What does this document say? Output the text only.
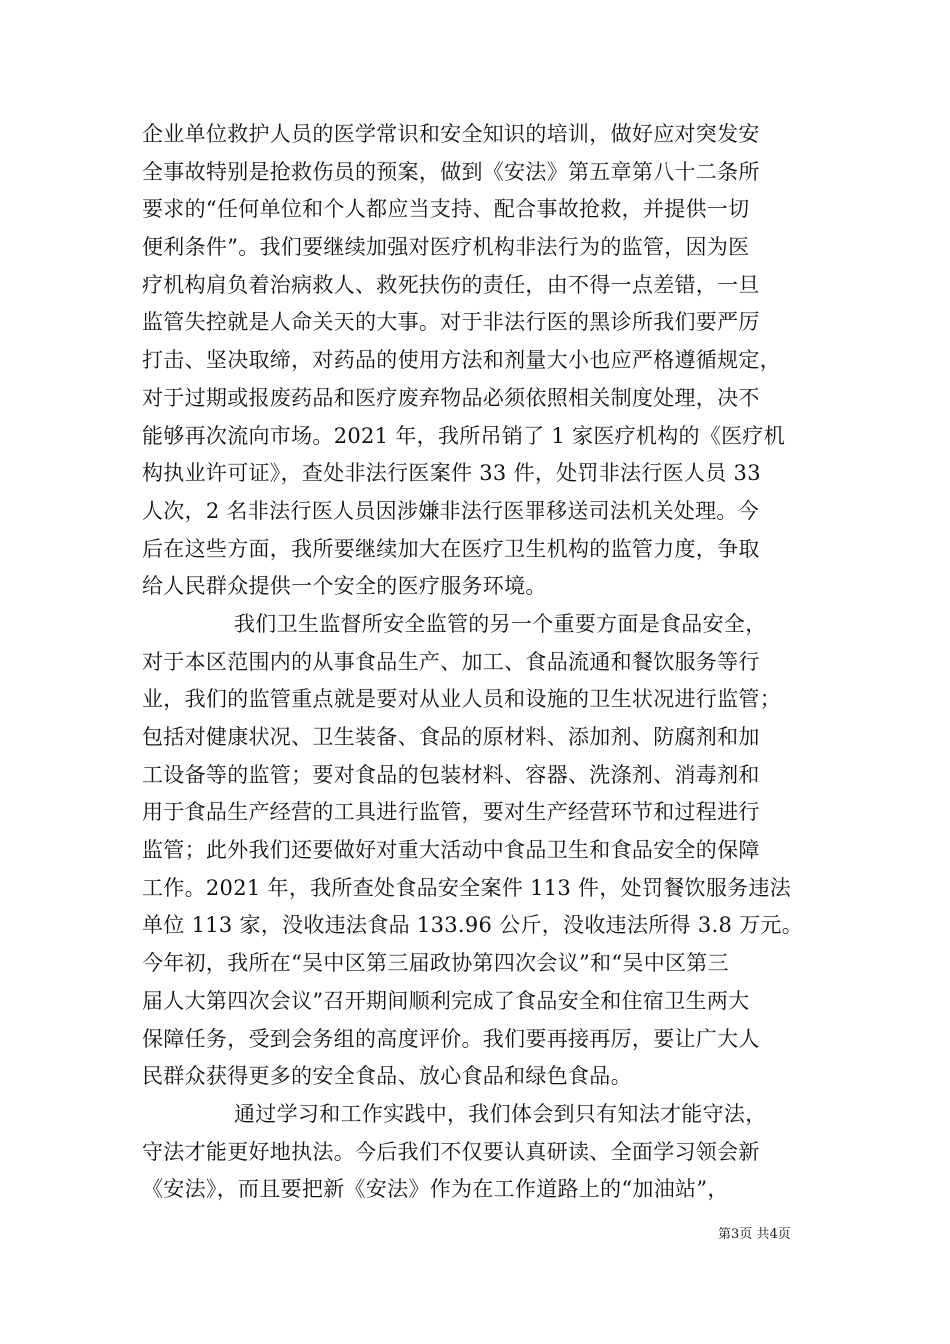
企业单位救护人员的医学常识和安全知识的培训，做好应对突发安
全事故特别是抢救伤员的预案，做到《安法》第五章第八十二条所
要求的“任何单位和个人都应当支持、配合事故抢救，并提供一切
便利条件”。我们要继续加强对医疗机构非法行为的监管，因为医
疗机构肩负着治病救人、救死扶伤的责任，由不得一点差错，一旦
监管失控就是人命关天的大事。对于非法行医的黑诊所我们要严厉
打击、坚决取缔，对药品的使用方法和剂量大小也应严格遵循规定，
对于过期或报废药品和医疗废弃物品必须依照相关制度处理，决不
能够再次流向市场。2021 年，我所吊销了 1 家医疗机构的《医疗机
构执业许可证》，查处非法行医案件 33 件，处罚非法行医人员 33
人次，2 名非法行医人员因涉嫌非法行医罪移送司法机关处理。今
后在这些方面，我所要继续加大在医疗卫生机构的监管力度，争取
给人民群众提供一个安全的医疗服务环境。
我们卫生监督所安全监管的另一个重要方面是食品安全，
对于本区范围内的从事食品生产、加工、食品流通和餐饮服务等行
业，我们的监管重点就是要对从业人员和设施的卫生状况进行监管；
包括对健康状况、卫生装备、食品的原材料、添加剂、防腐剂和加
工设备等的监管；要对食品的包装材料、容器、洗涤剂、消毒剂和
用于食品生产经营的工具进行监管，要对生产经营环节和过程进行
监管；此外我们还要做好对重大活动中食品卫生和食品安全的保障
工作。2021 年，我所查处食品安全案件 113 件，处罚餐饮服务违法
单位 113 家，没收违法食品 133.96 公斤，没收违法所得 3.8 万元。
今年初，我所在“吴中区第三届政协第四次会议”和“吴中区第三
届人大第四次会议”召开期间顺利完成了食品安全和住宿卫生两大
保障任务，受到会务组的高度评价。我们要再接再厉，要让广大人
民群众获得更多的安全食品、放心食品和绿色食品。
通过学习和工作实践中，我们体会到只有知法才能守法，
守法才能更好地执法。今后我们不仅要认真研读、全面学习领会新
《安法》，而且要把新《安法》作为在工作道路上的“加油站”，
第3页 共4页
